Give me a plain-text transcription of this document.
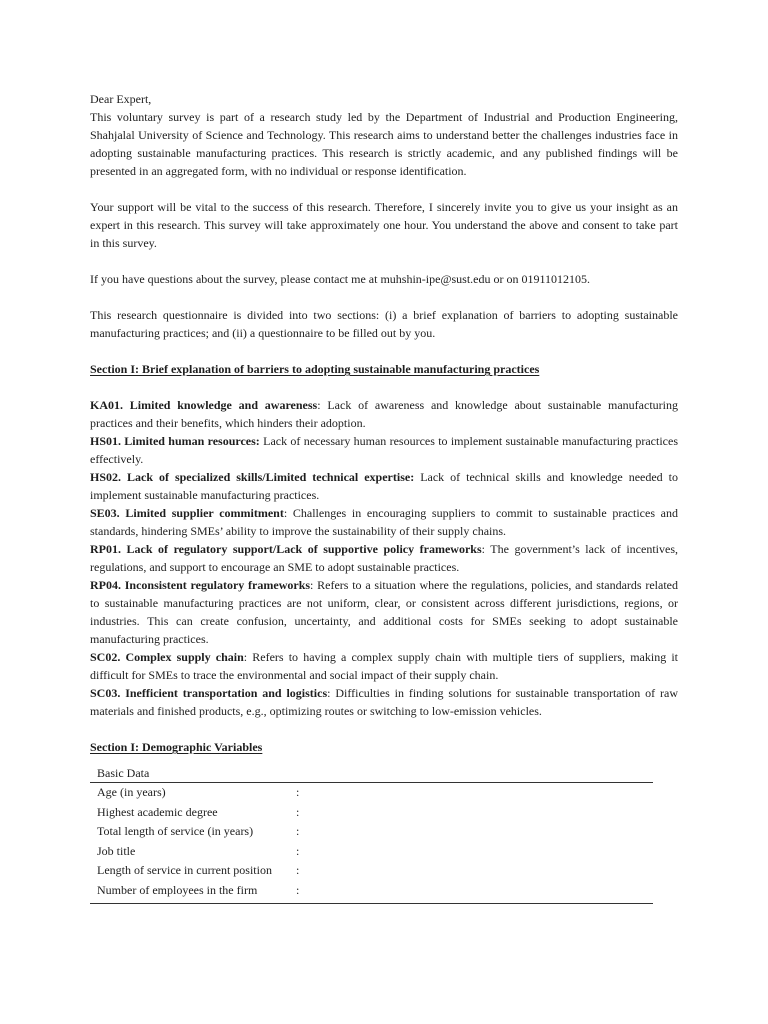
Dear Expert,

This voluntary survey is part of a research study led by the Department of Industrial and Production Engineering, Shahjalal University of Science and Technology. This research aims to understand better the challenges industries face in adopting sustainable manufacturing practices. This research is strictly academic, and any published findings will be presented in an aggregated form, with no individual or response identification.

Your support will be vital to the success of this research. Therefore, I sincerely invite you to give us your insight as an expert in this research. This survey will take approximately one hour. You understand the above and consent to take part in this survey.

If you have questions about the survey, please contact me at muhshin-ipe@sust.edu or on 01911012105.

This research questionnaire is divided into two sections: (i) a brief explanation of barriers to adopting sustainable manufacturing practices; and (ii) a questionnaire to be filled out by you.

Section I: Brief explanation of barriers to adopting sustainable manufacturing practices

KA01. Limited knowledge and awareness: Lack of awareness and knowledge about sustainable manufacturing practices and their benefits, which hinders their adoption.

HS01. Limited human resources: Lack of necessary human resources to implement sustainable manufacturing practices effectively.

HS02. Lack of specialized skills/Limited technical expertise: Lack of technical skills and knowledge needed to implement sustainable manufacturing practices.

SE03. Limited supplier commitment: Challenges in encouraging suppliers to commit to sustainable practices and standards, hindering SMEs’ ability to improve the sustainability of their supply chains.

RP01. Lack of regulatory support/Lack of supportive policy frameworks: The government’s lack of incentives, regulations, and support to encourage an SME to adopt sustainable practices.

RP04. Inconsistent regulatory frameworks: Refers to a situation where the regulations, policies, and standards related to sustainable manufacturing practices are not uniform, clear, or consistent across different jurisdictions, regions, or industries. This can create confusion, uncertainty, and additional costs for SMEs seeking to adopt sustainable manufacturing practices.

SC02. Complex supply chain: Refers to having a complex supply chain with multiple tiers of suppliers, making it difficult for SMEs to trace the environmental and social impact of their supply chain.

SC03. Inefficient transportation and logistics: Difficulties in finding solutions for sustainable transportation of raw materials and finished products, e.g., optimizing routes or switching to low-emission vehicles.

Section I: Demographic Variables

Basic Data
Age (in years)	:
Highest academic degree	:
Total length of service (in years)	:
Job title	:
Length of service in current position	:
Number of employees in the firm	:
